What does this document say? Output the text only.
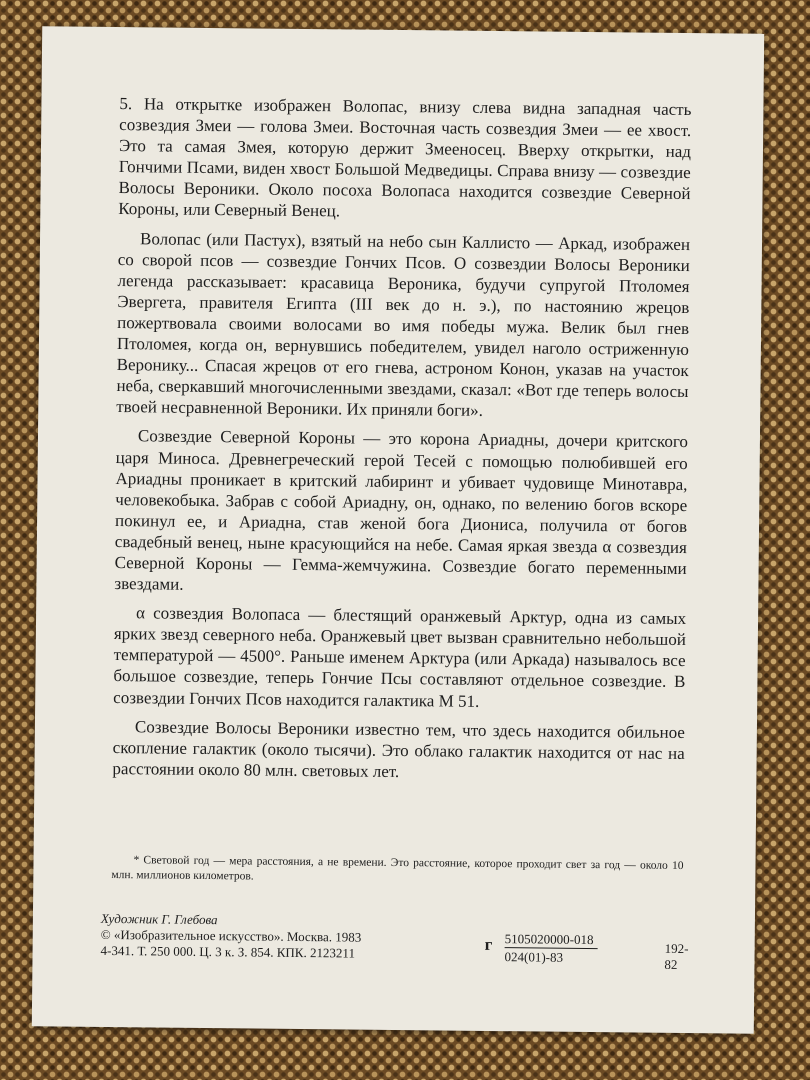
5. На открытке изображен Волопас, внизу слева видна западная часть созвездия Змеи — голова Змеи. Восточная часть созвездия Змеи — ее хвост. Это та самая Змея, которую держит Змееносец. Вверху открытки, над Гончими Псами, виден хвост Большой Медведицы. Справа внизу — созвездие Волосы Вероники. Около посоха Волопаса находится созвездие Северной Короны, или Северный Венец.

Волопас (или Пастух), взятый на небо сын Каллисто — Аркад, изображен со сворой псов — созвездие Гончих Псов. О созвездии Волосы Вероники легенда рассказывает: красавица Вероника, будучи супругой Птоломея Эвергета, правителя Египта (III век до н. э.), по настоянию жрецов пожертвовала своими волосами во имя победы мужа. Велик был гнев Птоломея, когда он, вернувшись победителем, увидел наголо остриженную Веронику... Спасая жрецов от его гнева, астроном Конон, указав на участок неба, сверкавший многочисленными звездами, сказал: «Вот где теперь волосы твоей несравненной Вероники. Их приняли боги».

Созвездие Северной Короны — это корона Ариадны, дочери критского царя Миноса. Древнегреческий герой Тесей с помощью полюбившей его Ариадны проникает в критский лабиринт и убивает чудовище Минотавра, человекобыка. Забрав с собой Ариадну, он, однако, по велению богов вскоре покинул ее, и Ариадна, став женой бога Диониса, получила от богов свадебный венец, ныне красующийся на небе. Самая яркая звезда α созвездия Северной Короны — Гемма-жемчужина. Созвездие богато переменными звездами.

α созвездия Волопаса — блестящий оранжевый Арктур, одна из самых ярких звезд северного неба. Оранжевый цвет вызван сравнительно небольшой температурой — 4500°. Раньше именем Арктура (или Аркада) называлось все большое созвездие, теперь Гончие Псы составляют отдельное созвездие. В созвездии Гончих Псов находится галактика М 51.

Созвездие Волосы Вероники известно тем, что здесь находится обильное скопление галактик (около тысячи). Это облако галактик находится от нас на расстоянии около 80 млн. световых лет.

* Световой год — мера расстояния, а не времени. Это расстояние, которое проходит свет за год — около 10 млн. миллионов километров.
Художник Г. Глебова
© «Изобразительное искусство». Москва. 1983
4-341. Т. 250 000. Ц. 3 к. З. 854. КПК. 2123211	г 5105020000-018
024(01)-83
192-82
